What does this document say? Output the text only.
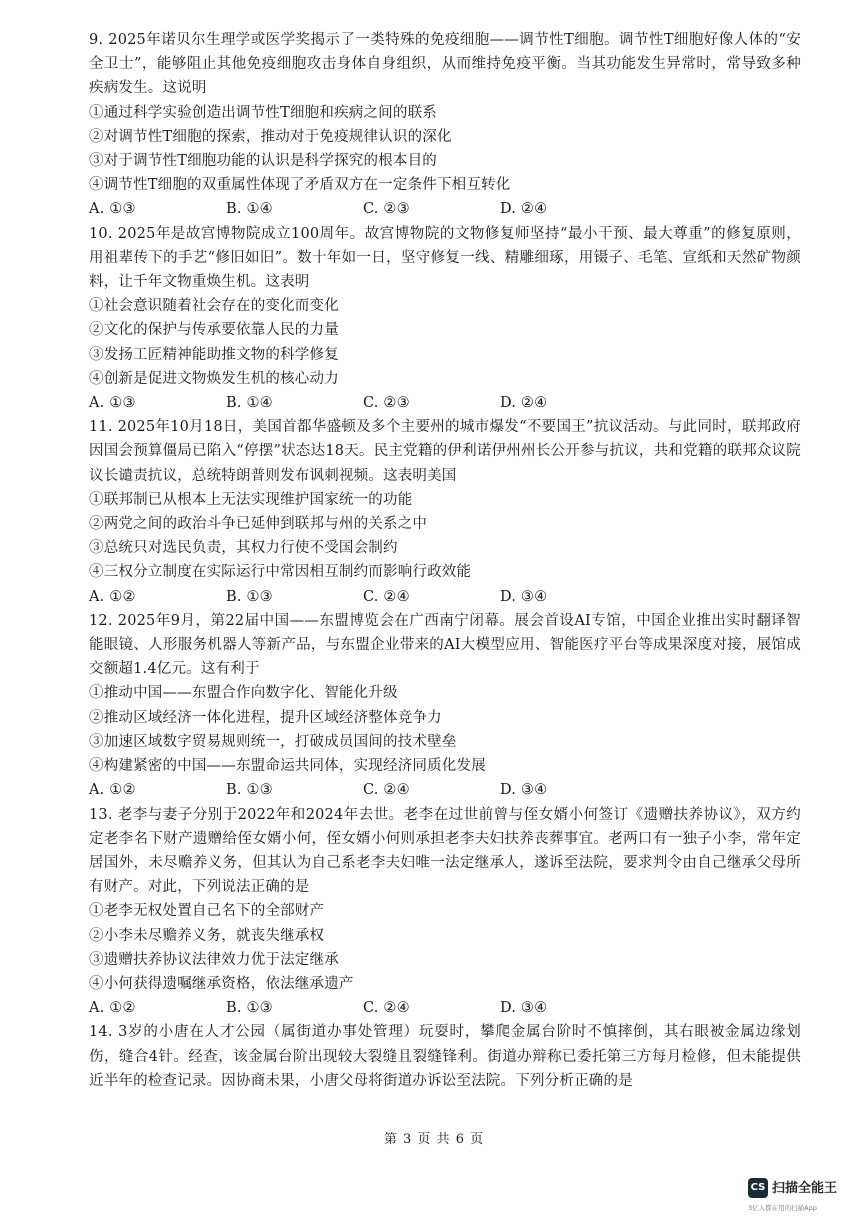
9. 2025年诺贝尔生理学或医学奖揭示了一类特殊的免疫细胞——调节性T细胞。调节性T细胞好像人体的“安全卫士”，能够阻止其他免疫细胞攻击身体自身组织，从而维持免疫平衡。当其功能发生异常时，常导致多种疾病发生。这说明

①通过科学实验创造出调节性T细胞和疾病之间的联系

②对调节性T细胞的探索，推动对于免疫规律认识的深化

③对于调节性T细胞功能的认识是科学探究的根本目的

④调节性T细胞的双重属性体现了矛盾双方在一定条件下相互转化

A. ①③	B. ①④	C. ②③	D. ②④

10. 2025年是故宫博物院成立100周年。故宫博物院的文物修复师坚持“最小干预、最大尊重”的修复原则，用祖辈传下的手艺“修旧如旧”。数十年如一日，坚守修复一线、精雕细琢，用镊子、毛笔、宣纸和天然矿物颜料，让千年文物重焕生机。这表明

①社会意识随着社会存在的变化而变化

②文化的保护与传承要依靠人民的力量

③发扬工匠精神能助推文物的科学修复

④创新是促进文物焕发生机的核心动力

A. ①③	B. ①④	C. ②③	D. ②④

11. 2025年10月18日，美国首都华盛顿及多个主要州的城市爆发“不要国王”抗议活动。与此同时，联邦政府因国会预算僵局已陷入“停摆”状态达18天。民主党籍的伊利诺伊州州长公开参与抗议，共和党籍的联邦众议院议长谴责抗议，总统特朗普则发布讽刺视频。这表明美国

①联邦制已从根本上无法实现维护国家统一的功能

②两党之间的政治斗争已延伸到联邦与州的关系之中

③总统只对选民负责，其权力行使不受国会制约

④三权分立制度在实际运行中常因相互制约而影响行政效能

A. ①②	B. ①③	C. ②④	D. ③④

12. 2025年9月，第22届中国——东盟博览会在广西南宁闭幕。展会首设AI专馆，中国企业推出实时翻译智能眼镜、人形服务机器人等新产品，与东盟企业带来的AI大模型应用、智能医疗平台等成果深度对接，展馆成交额超1.4亿元。这有利于

①推动中国——东盟合作向数字化、智能化升级

②推动区域经济一体化进程，提升区域经济整体竞争力

③加速区域数字贸易规则统一，打破成员国间的技术壁垒

④构建紧密的中国——东盟命运共同体，实现经济同质化发展

A. ①②	B. ①③	C. ②④	D. ③④

13. 老李与妻子分别于2022年和2024年去世。老李在过世前曾与侄女婿小何签订《遗赠扶养协议》，双方约定老李名下财产遗赠给侄女婿小何，侄女婿小何则承担老李夫妇扶养丧葬事宜。老两口有一独子小李，常年定居国外，未尽赡养义务，但其认为自己系老李夫妇唯一法定继承人，遂诉至法院，要求判令由自己继承父母所有财产。对此，下列说法正确的是

①老李无权处置自己名下的全部财产

②小李未尽赡养义务，就丧失继承权

③遗赠扶养协议法律效力优于法定继承

④小何获得遗嘱继承资格，依法继承遗产

A. ①②	B. ①③	C. ②④	D. ③④

14. 3岁的小唐在人才公园（属街道办事处管理）玩耍时，攀爬金属台阶时不慎摔倒，其右眼被金属边缘划伤，缝合4针。经查，该金属台阶出现较大裂缝且裂缝锋利。街道办辩称已委托第三方每月检修，但未能提供近半年的检查记录。因协商未果，小唐父母将街道办诉讼至法院。下列分析正确的是

第 3 页 共 6 页
CS 扫描全能王
3亿人都在用的扫描App
